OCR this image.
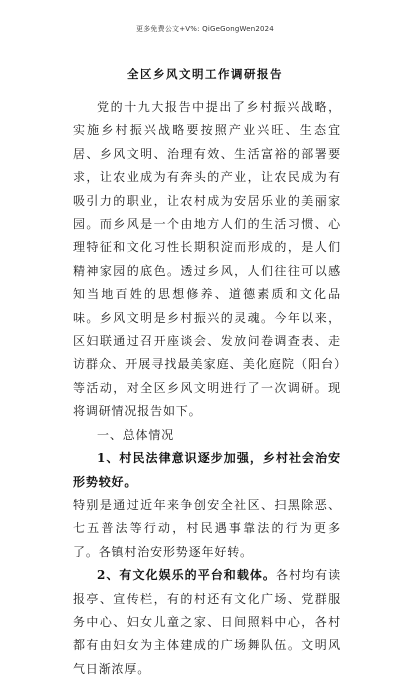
更多免费公文+V%: QiGeGongWen2024
全区乡风文明工作调研报告

党的十九大报告中提出了乡村振兴战略，实施乡村振兴战略要按照产业兴旺、生态宜居、乡风文明、治理有效、生活富裕的部署要求，让农业成为有奔头的产业，让农民成为有吸引力的职业，让农村成为安居乐业的美丽家园。而乡风是一个由地方人们的生活习惯、心理特征和文化习性长期积淀而形成的，是人们精神家园的底色。透过乡风，人们往往可以感知当地百姓的思想修养、道德素质和文化品味。乡风文明是乡村振兴的灵魂。今年以来，区妇联通过召开座谈会、发放问卷调查表、走访群众、开展寻找最美家庭、美化庭院（阳台）等活动，对全区乡风文明进行了一次调研。现将调研情况报告如下。

一、总体情况

1、村民法律意识逐步加强，乡村社会治安形势较好。

特别是通过近年来争创安全社区、扫黑除恶、七五普法等行动，村民遇事靠法的行为更多了。各镇村治安形势逐年好转。

2、有文化娱乐的平台和载体。各村均有读报亭、宣传栏，有的村还有文化广场、党群服务中心、妇女儿童之家、日间照料中心，各村都有由妇女为主体建成的广场舞队伍。文明风气日渐浓厚。
